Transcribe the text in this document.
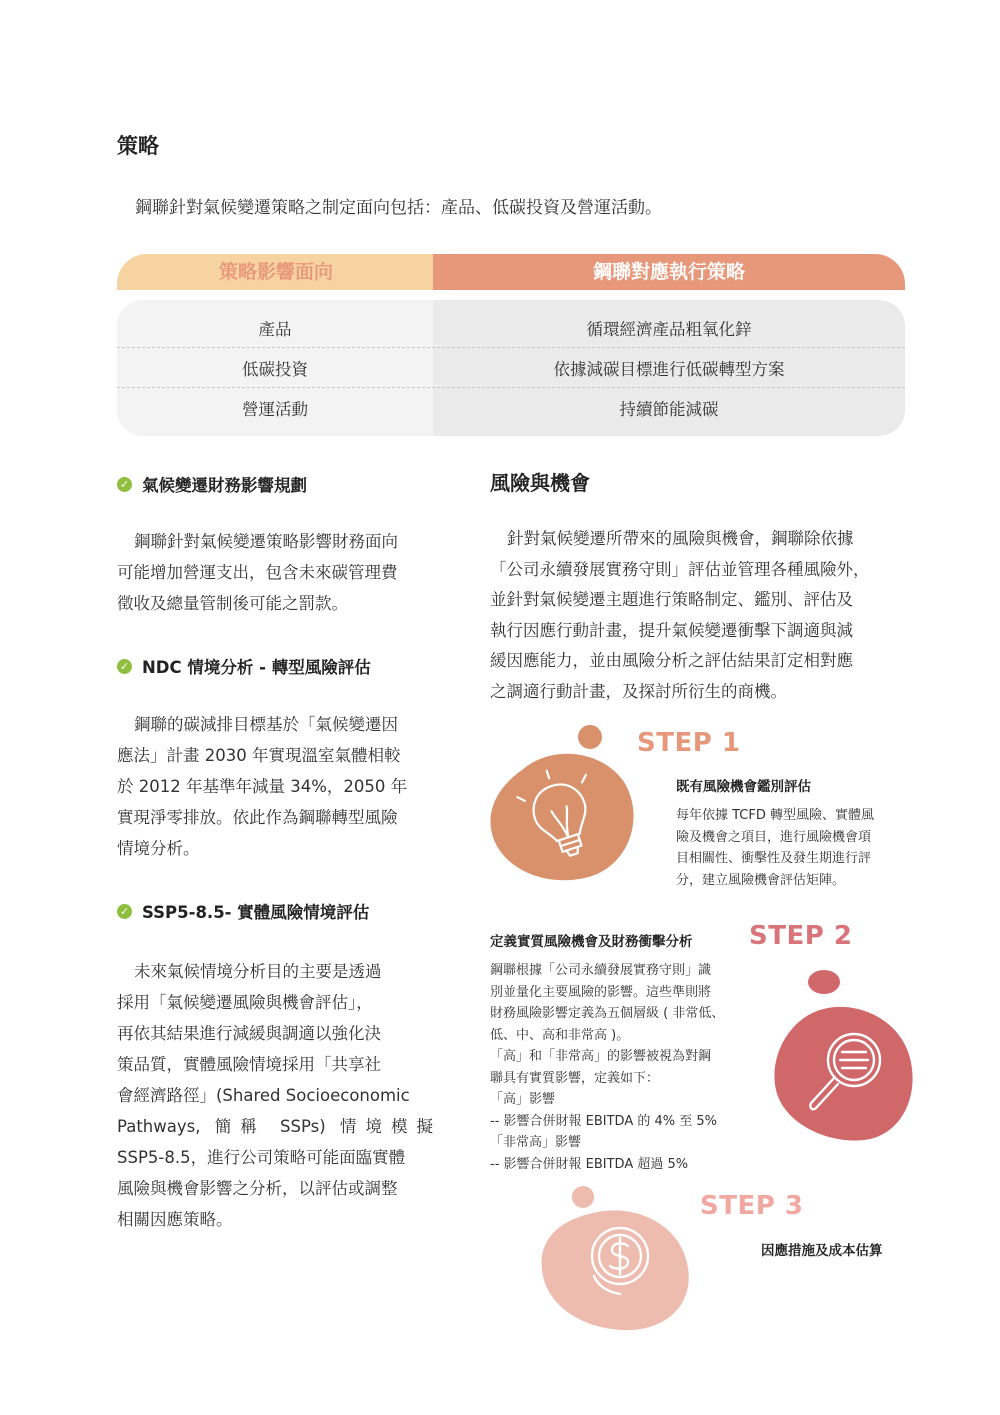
策略
鋼聯針對氣候變遷策略之制定面向包括：產品、低碳投資及營運活動。
策略影響面向	鋼聯對應執行策略
產品	循環經濟產品粗氧化鋅
低碳投資	依據減碳目標進行低碳轉型方案
營運活動	持續節能減碳
✓ 氣候變遷財務影響規劃
鋼聯針對氣候變遷策略影響財務面向
可能增加營運支出，包含未來碳管理費
徵收及總量管制後可能之罰款。
✓ NDC 情境分析 - 轉型風險評估
鋼聯的碳減排目標基於「氣候變遷因
應法」計畫 2030 年實現溫室氣體相較
於 2012 年基準年減量 34%，2050 年
實現淨零排放。依此作為鋼聯轉型風險
情境分析。
✓ SSP5-8.5- 實體風險情境評估
未來氣候情境分析目的主要是透過
採用「氣候變遷風險與機會評估」，
再依其結果進行減緩與調適以強化決
策品質，實體風險情境採用「共享社
會經濟路徑」(Shared Socioeconomic
Pathways, 簡稱 SSPs) 情境模擬
SSP5-8.5，進行公司策略可能面臨實體
風險與機會影響之分析，以評估或調整
相關因應策略。
風險與機會
針對氣候變遷所帶來的風險與機會，鋼聯除依據
「公司永續發展實務守則」評估並管理各種風險外，
並針對氣候變遷主題進行策略制定、鑑別、評估及
執行因應行動計畫，提升氣候變遷衝擊下調適與減
緩因應能力，並由風險分析之評估結果訂定相對應
之調適行動計畫，及探討所衍生的商機。
STEP 1
既有風險機會鑑別評估
每年依據 TCFD 轉型風險、實體風
險及機會之項目，進行風險機會項
目相關性、衝擊性及發生期進行評
分，建立風險機會評估矩陣。
定義實質風險機會及財務衝擊分析 STEP 2
鋼聯根據「公司永續發展實務守則」識
別並量化主要風險的影響。這些準則將
財務風險影響定義為五個層級 ( 非常低、
低、中、高和非常高 )。
「高」和「非常高」的影響被視為對鋼
聯具有實質影響，定義如下：
「高」影響
-- 影響合併財報 EBITDA 的 4% 至 5%
「非常高」影響
-- 影響合併財報 EBITDA 超過 5%
STEP 3
因應措施及成本估算
